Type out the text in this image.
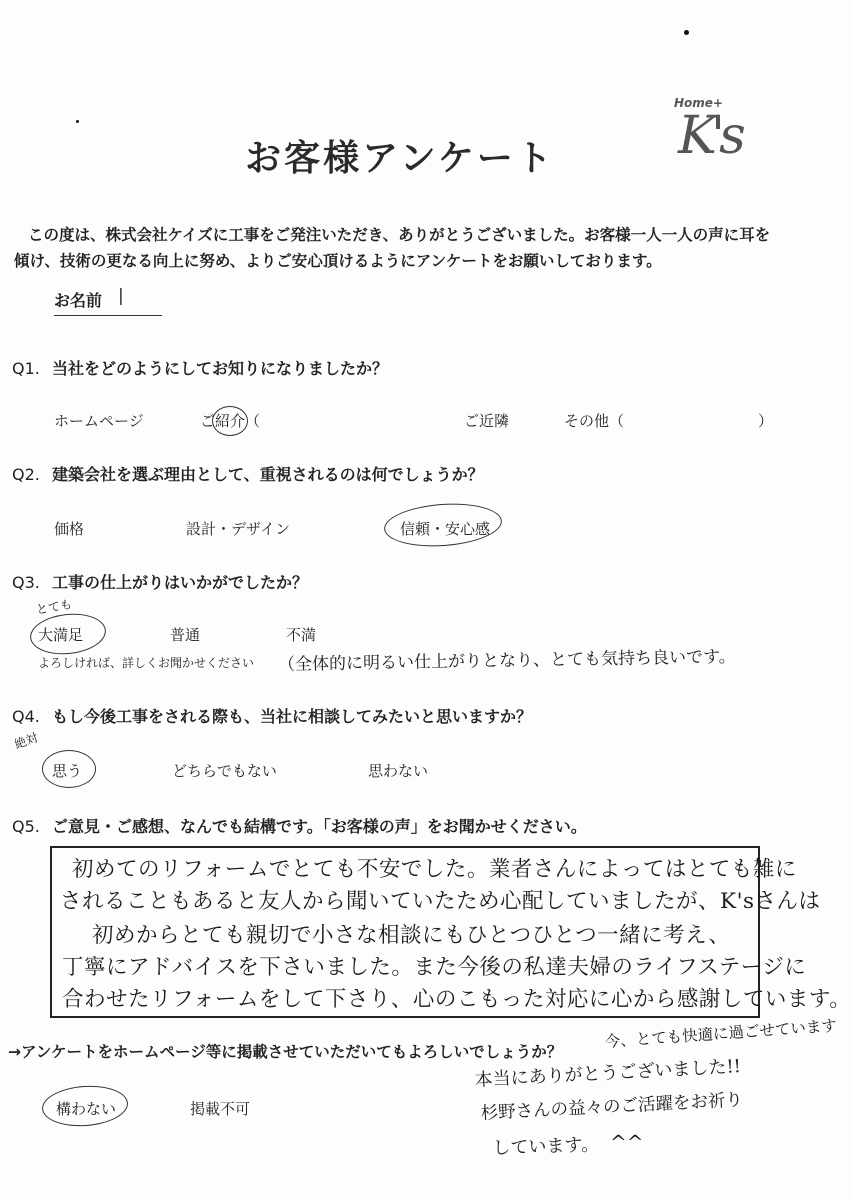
お客様アンケート
Home+
K's

この度は、株式会社ケイズに工事をご発注いただき、ありがとうございました。お客様一人一人の声に耳を

傾け、技術の更なる向上に努め、よりご安心頂けるようにアンケートをお願いしております。

お名前 |
Q1. 当社をどのようにしてお知りになりましたか？
ホームページ	ご紹介（	ご近隣	その他（	）
Q2. 建築会社を選ぶ理由として、重視されるのは何でしょうか？
価格	設計・デザイン	信頼・安心感
Q3. 工事の仕上がりはいかがでしたか？
とても
大満足	普通	不満
よろしければ、詳しくお聞かせください （全体的に明るい仕上がりとなり、とても気持ち良いです。
Q4. もし今後工事をされる際も、当社に相談してみたいと思いますか？
絶対
思う	どちらでもない	思わない
Q5. ご意見・ご感想、なんでも結構です。「お客様の声」をお聞かせください。
初めてのリフォームでとても不安でした。業者さんによってはとても雑に
されることもあると友人から聞いていたため心配していましたが、K'sさんは
初めからとても親切で小さな相談にもひとつひとつ一緒に考え、
丁寧にアドバイスを下さいました。また今後の私達夫婦のライフステージに
合わせたリフォームをして下さり、心のこもった対応に心から感謝しています。
→アンケートをホームページ等に掲載させていただいてもよろしいでしょうか？
構わない	掲載不可
今、とても快適に過ごせています
本当にありがとうございました!!
杉野さんの益々のご活躍をお祈り
しています。 ^^
